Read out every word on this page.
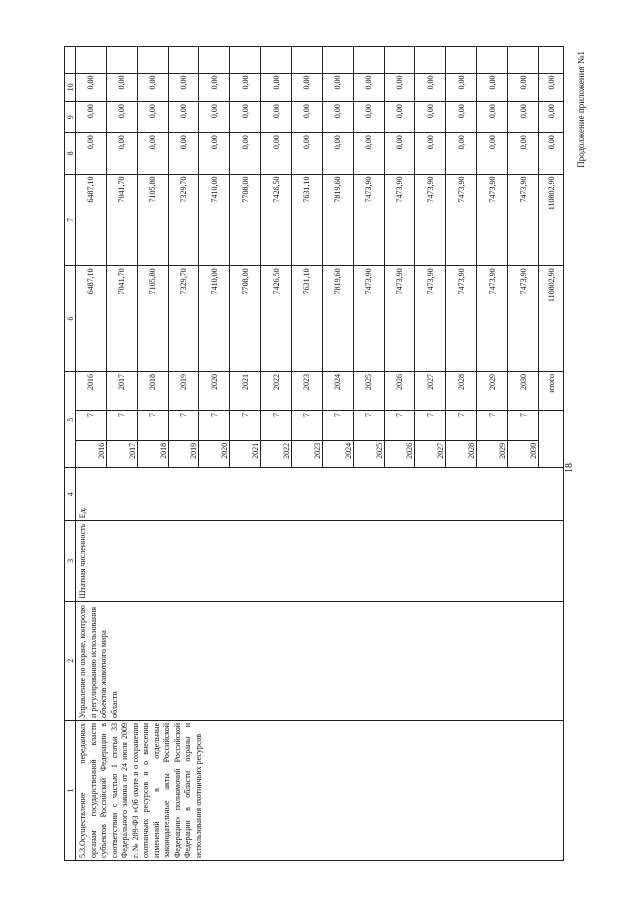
18
Продолжение приложения №1
1	2	3	4	5			6	7	8	9	10	
5.3.Осуществление переданных органам государственной власти субъектов Российской Федерации в соответствии с частью 1 статьи 33 Федерального закона от 24 июля 2009 г. № 209-ФЗ «Об охоте и о сохранении охотничьих ресурсов и о внесении изменений в отдельные законодательные акты Российской Федерации» полномочий Российской Федерации в области охраны и использования охотничьих ресурсов	Управление по охране, контролю и регулированию использования объектов животного мира области	Штатная численность	Ед.	2016	7	2016	6487,10	6487,10	0,00	0,00	0,00	
				2017	7	2017	7041,70	7041,70	0,00	0,00	0,00	
				2018	7	2018	7105,80	7105,80	0,00	0,00	0,00	
				2019	7	2019	7329,70	7329,70	0,00	0,00	0,00	
				2020	7	2020	7410,00	7410,00	0,00	0,00	0,00	
				2021	7	2021	7708,00	7708,00	0,00	0,00	0,00	
				2022	7	2022	7426,50	7426,50	0,00	0,00	0,00	
				2023	7	2023	7631,10	7631,10	0,00	0,00	0,00	
				2024	7	2024	7819,60	7819,60	0,00	0,00	0,00	
				2025	7	2025	7473,90	7473,90	0,00	0,00	0,00	
				2026	7	2026	7473,90	7473,90	0,00	0,00	0,00	
				2027	7	2027	7473,90	7473,90	0,00	0,00	0,00	
				2028	7	2028	7473,90	7473,90	0,00	0,00	0,00	
				2029	7	2029	7473,90	7473,90	0,00	0,00	0,00	
				2030	7	2030	7473,90	7473,90	0,00	0,00	0,00	
						итого	110802,90	110802,90	0,00	0,00	0,00	
